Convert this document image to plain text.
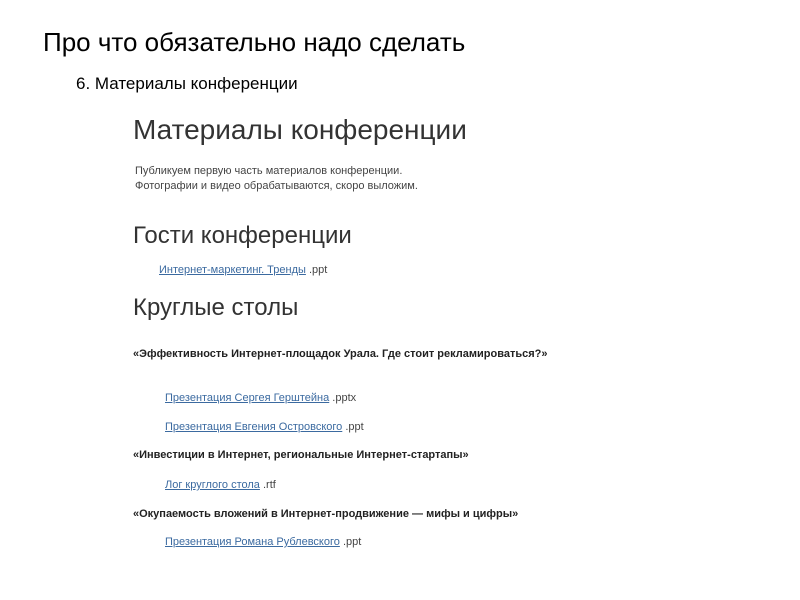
Про что обязательно надо сделать
6. Материалы конференции
Материалы конференции
Публикуем первую часть материалов конференции.
Фотографии и видео обрабатываются, скоро выложим.
Гости конференции
Интернет-маркетинг. Тренды .ppt
Круглые столы
«Эффективность Интернет-площадок Урала. Где стоит рекламироваться?»
Презентация Сергея Герштейна .pptx
Презентация Евгения Островского .ppt
«Инвестиции в Интернет, региональные Интернет-стартапы»
Лог круглого стола .rtf
«Окупаемость вложений в Интернет-продвижение — мифы и цифры»
Презентация Романа Рублевского .ppt
